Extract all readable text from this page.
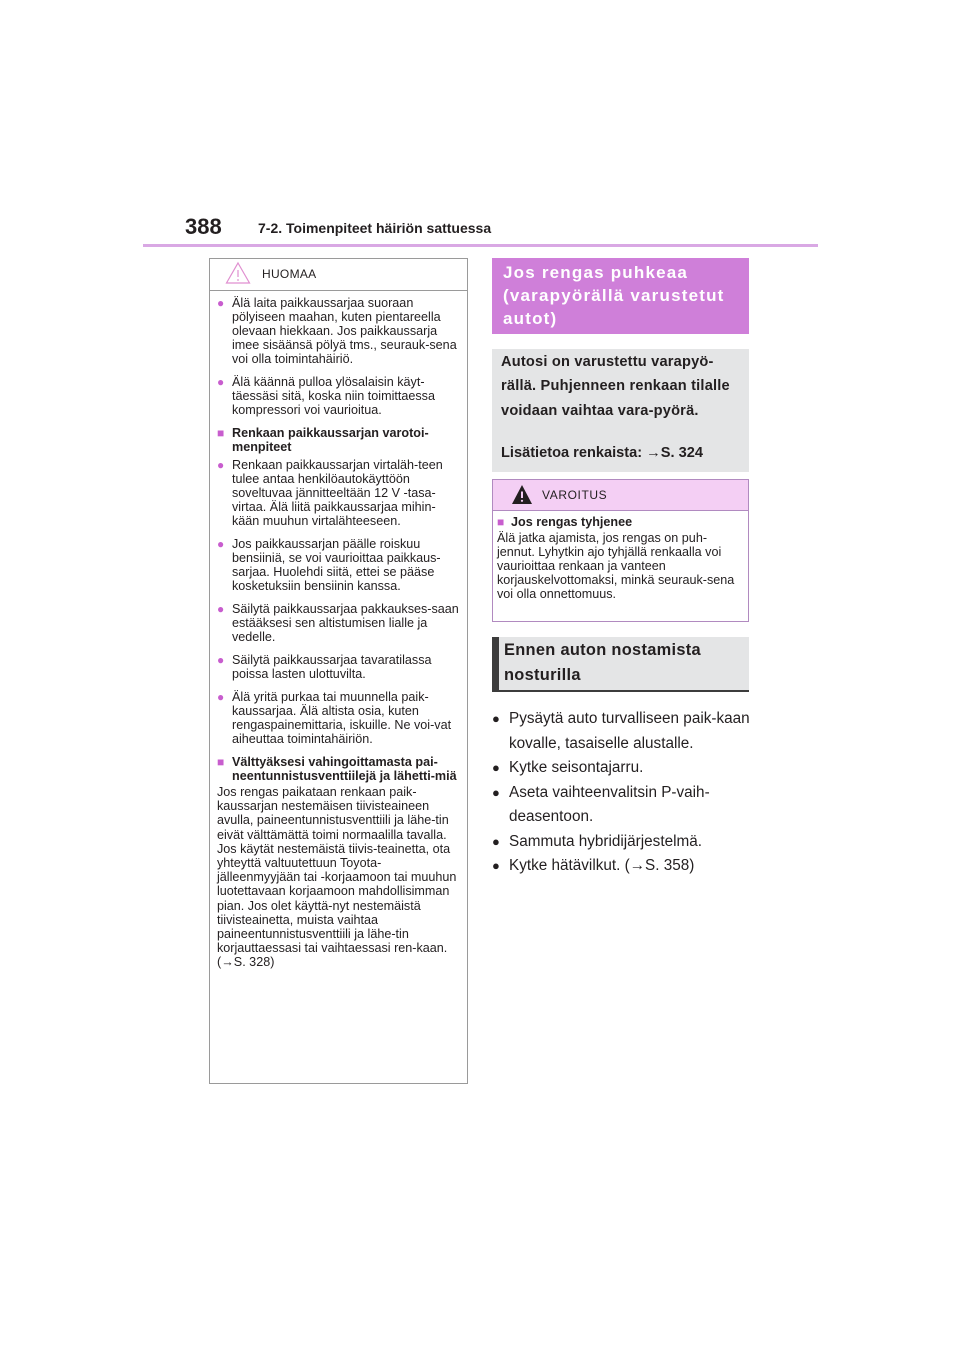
388	7-2. Toimenpiteet häiriön sattuessa
HUOMAA
● Älä laita paikkaussarjaa suoraan pölyiseen maahan, kuten pientareella olevaan hiekkaan. Jos paikkaussarja imee sisäänsä pölyä tms., seurauk-sena voi olla toimintahäiriö.
● Älä käännä pulloa ylösalaisin käyt-täessäsi sitä, koska niin toimittaessa kompressori voi vaurioitua.
■ Renkaan paikkaussarjan varotoi-menpiteet
● Renkaan paikkaussarjan virtaläh-teen tulee antaa henkilöautokäyttöön soveltuvaa jännitteeltään 12 V -tasa-virtaa. Älä liitä paikkaussarjaa mihin-kään muuhun virtalähteeseen.
● Jos paikkaussarjan päälle roiskuu bensiiniä, se voi vaurioittaa paikkaus-sarjaa. Huolehdi siitä, ettei se pääse kosketuksiin bensiinin kanssa.
● Säilytä paikkaussarjaa pakkaukses-saan estääksesi sen altistumisen lialle ja vedelle.
● Säilytä paikkaussarjaa tavaratilassa poissa lasten ulottuvilta.
● Älä yritä purkaa tai muunnella paik-kaussarjaa. Älä altista osia, kuten rengaspainemittaria, iskuille. Ne voi-vat aiheuttaa toimintahäiriön.
■ Välttyäksesi vahingoittamasta pai-neentunnistusventtiilejä ja lähetti-miä
Jos rengas paikataan renkaan paik-kaussarjan nestemäisen tiivisteaineen avulla, paineentunnistusventtiili ja lähe-tin eivät välttämättä toimi normaalilla tavalla. Jos käytät nestemäistä tiivis-teainetta, ota yhteyttä valtuutettuun Toyota-jälleenmyyjään tai -korjaamoon tai muuhun luotettavaan korjaamoon mahdollisimman pian. Jos olet käyttä-nyt nestemäistä tiivisteainetta, muista vaihtaa paineentunnistusventtiili ja lähe-tin korjauttaessasi tai vaihtaessasi ren-kaan. (→S. 328)
Jos rengas puhkeaa (varapyörällä varustetut autot)
Autosi on varustettu varapyö-rällä. Puhjenneen renkaan tilalle voidaan vaihtaa vara-pyörä.
Lisätietoa renkaista: →S. 324
VAROITUS
■ Jos rengas tyhjenee
Älä jatka ajamista, jos rengas on puh-jennut. Lyhytkin ajo tyhjällä renkaalla voi vaurioittaa renkaan ja vanteen korjauskelvottomaksi, minkä seurauk-sena voi olla onnettomuus.
Ennen auton nostamista nosturilla
● Pysäytä auto turvalliseen paik-kaan kovalle, tasaiselle alustalle.
● Kytke seisontajarru.
● Aseta vaihteenvalitsin P-vaih-deasentoon.
● Sammuta hybridijärjestelmä.
● Kytke hätävilkut. (→S. 358)
